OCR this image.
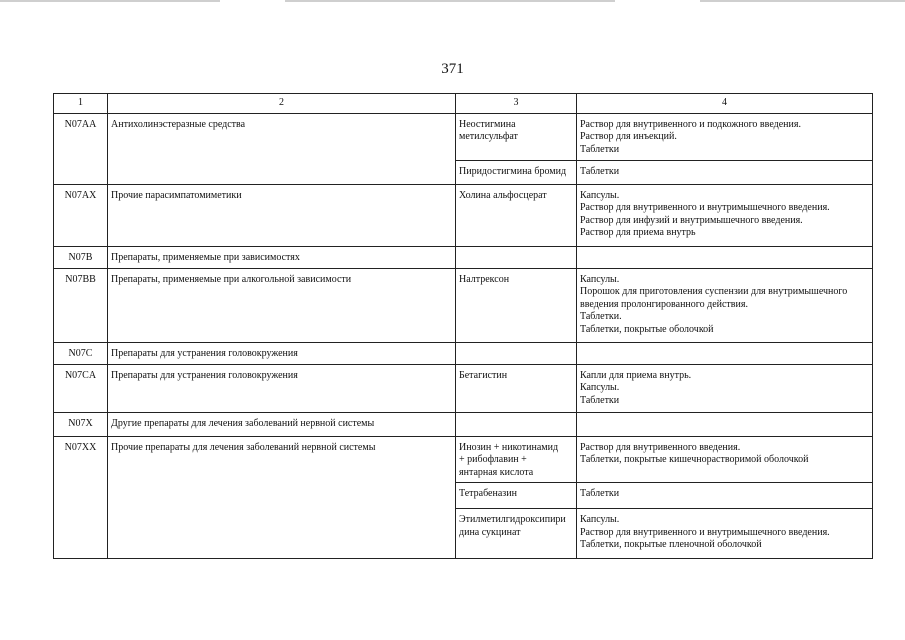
371
1	2	3	4
N07AA	Антихолинэстеразные средства	Неостигмина
метилсульфат	Раствор для внутривенного и подкожного введения.
Раствор для инъекций.
Таблетки

		Пиридостигмина бромид	Таблетки

N07AX	Прочие парасимпатомиметики	Холина альфосцерат	Капсулы.
Раствор для внутривенного и внутримышечного введения.
Раствор для инфузий и внутримышечного введения.
Раствор для приема внутрь

N07B	Препараты, применяемые при зависимостях		
N07BB	Препараты, применяемые при алкогольной зависимости	Налтрексон	Капсулы.
Порошок для приготовления суспензии для внутримышечного
введения пролонгированного действия.
Таблетки.
Таблетки, покрытые оболочкой

N07C	Препараты для устранения головокружения		
N07CA	Препараты для устранения головокружения	Бетагистин	Капли для приема внутрь.
Капсулы.
Таблетки

N07X	Другие препараты для лечения заболеваний нервной системы		
N07XX	Прочие препараты для лечения заболеваний нервной системы	Инозин + никотинамид
+ рибофлавин +
янтарная кислота	Раствор для внутривенного введения.
Таблетки, покрытые кишечнорастворимой оболочкой

		Тетрабеназин	Таблетки

		Этилметилгидроксипири
дина сукцинат	Капсулы.
Раствор для внутривенного и внутримышечного введения.
Таблетки, покрытые пленочной оболочкой
